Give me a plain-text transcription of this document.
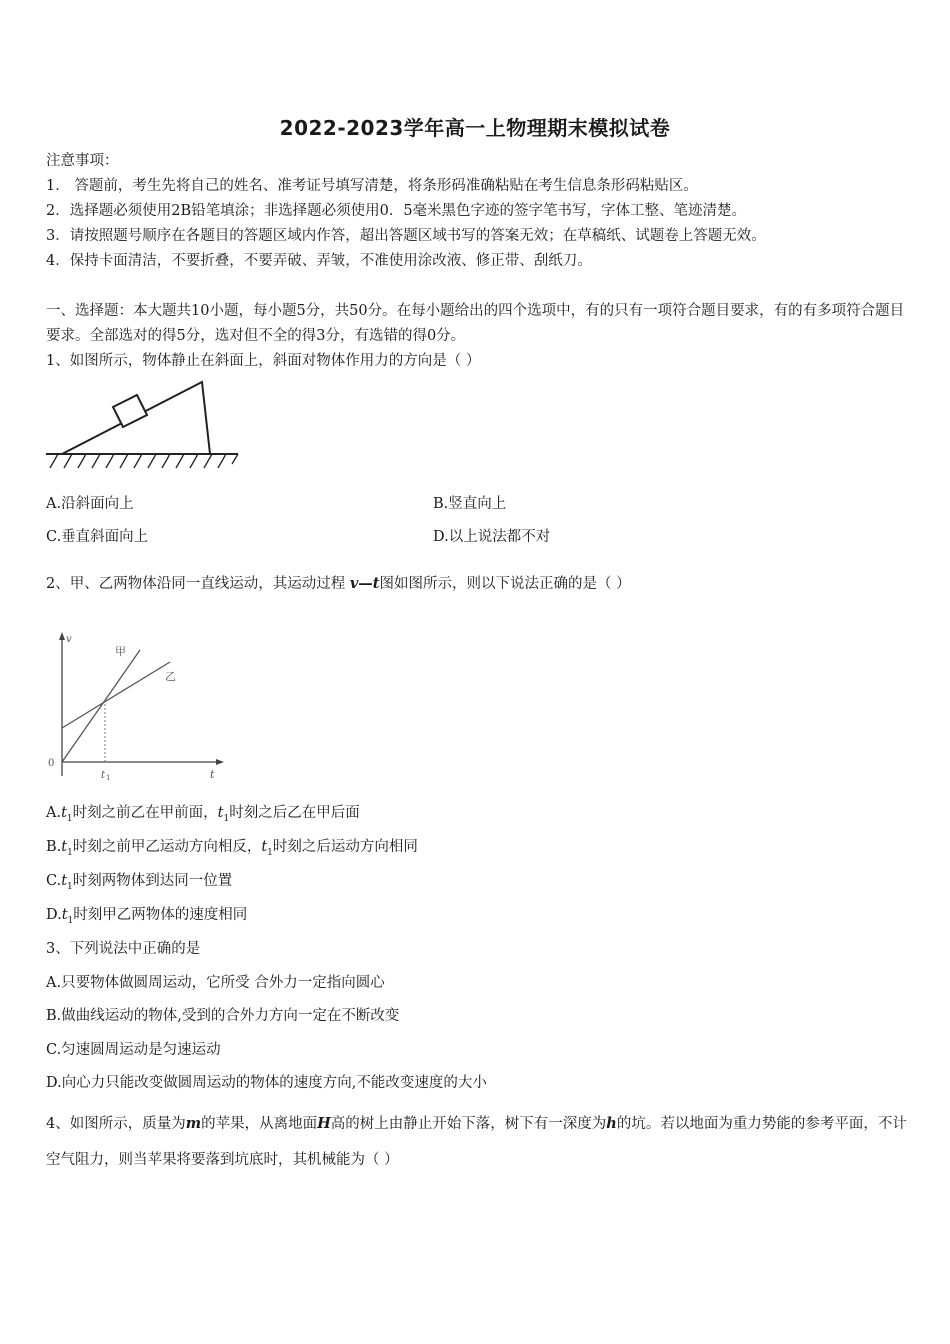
2022-2023学年高一上物理期末模拟试卷
注意事项：
1． 答题前，考生先将自己的姓名、准考证号填写清楚，将条形码准确粘贴在考生信息条形码粘贴区。
2．选择题必须使用2B铅笔填涂；非选择题必须使用0．5毫米黑色字迹的签字笔书写，字体工整、笔迹清楚。
3．请按照题号顺序在各题目的答题区域内作答，超出答题区域书写的答案无效；在草稿纸、试题卷上答题无效。
4．保持卡面清洁，不要折叠，不要弄破、弄皱，不准使用涂改液、修正带、刮纸刀。
一、选择题：本大题共10小题，每小题5分，共50分。在每小题给出的四个选项中，有的只有一项符合题目要求，有的有多项符合题目要求。全部选对的得5分，选对但不全的得3分，有选错的得0分。
1、如图所示，物体静止在斜面上，斜面对物体作用力的方向是（ ）
A.沿斜面向上	B.竖直向上
C.垂直斜面向上	D.以上说法都不对
2、甲、乙两物体沿同一直线运动，其运动过程 v—t图如图所示，则以下说法正确的是（ ）
v
t
0
甲
乙
t 1
$A.t_1$时刻之前乙在甲前面，$t_1$时刻之后乙在甲后面
$B.t_1$时刻之前甲乙运动方向相反，$t_1$时刻之后运动方向相同
$C.t_1$时刻两物体到达同一位置
$D.t_1$时刻甲乙两物体的速度相同
3、下列说法中正确的是
A.只要物体做圆周运动，它所受 合外力一定指向圆心
B.做曲线运动的物体,受到的合外力方向一定在不断改变
C.匀速圆周运动是匀速运动
D.向心力只能改变做圆周运动的物体的速度方向,不能改变速度的大小
4、如图所示，质量为m的苹果，从离地面H高的树上由静止开始下落，树下有一深度为h的坑。若以地面为重力势能的参考平面，不计空气阻力，则当苹果将要落到坑底时，其机械能为（ ）
